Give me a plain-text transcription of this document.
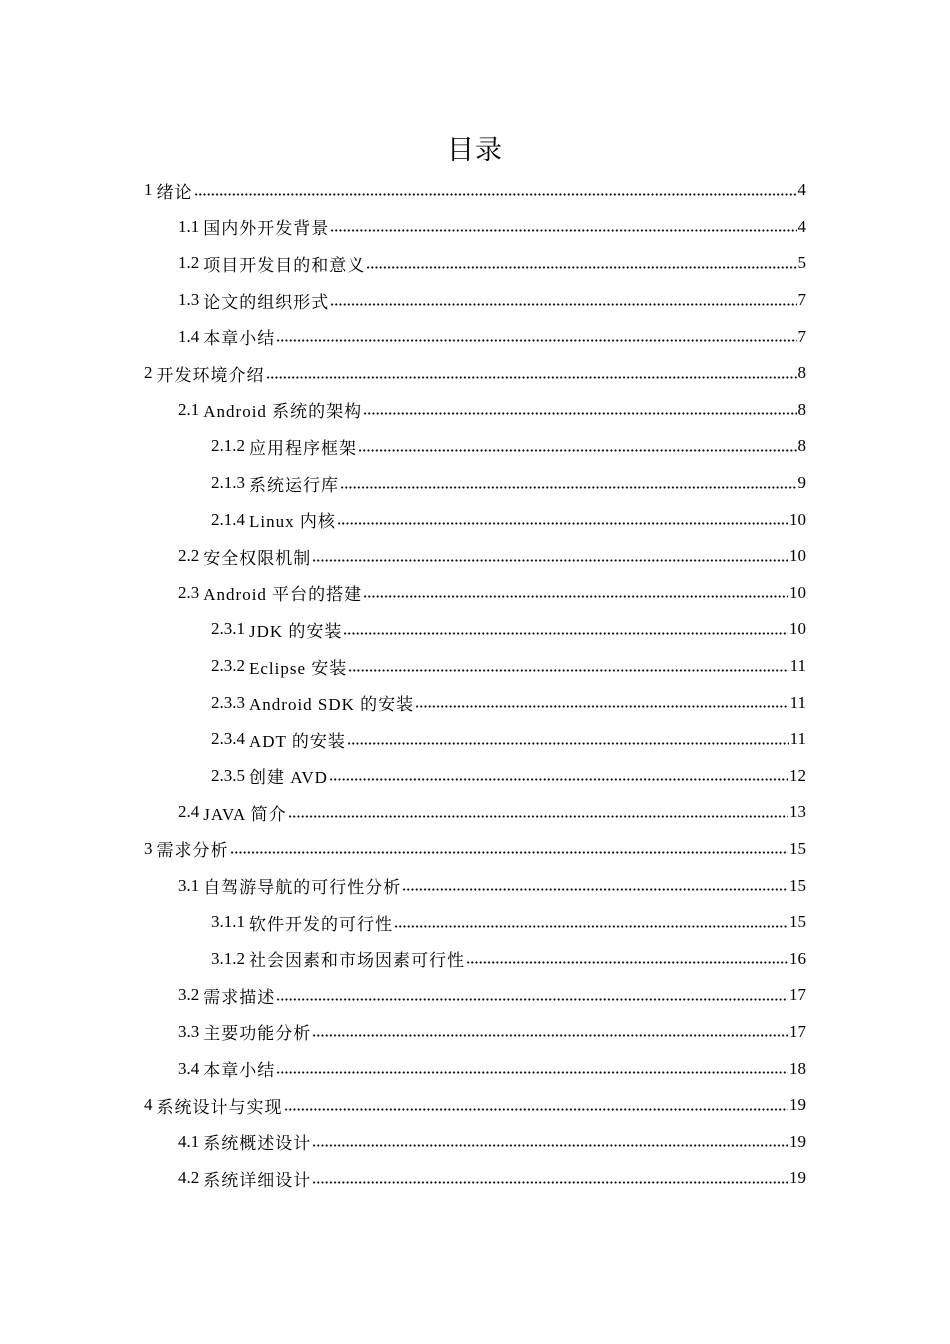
目录
1 绪论	4
1.1 国内外开发背景	4
1.2 项目开发目的和意义	5
1.3 论文的组织形式	7
1.4 本章小结	7
2 开发环境介绍	8
2.1 Android 系统的架构	8
2.1.2 应用程序框架	8
2.1.3 系统运行库	9
2.1.4 Linux 内核	10
2.2 安全权限机制	10
2.3 Android 平台的搭建	10
2.3.1 JDK 的安装	10
2.3.2 Eclipse 安装	11
2.3.3 Android SDK 的安装	11
2.3.4 ADT 的安装	11
2.3.5 创建 AVD	12
2.4 JAVA 简介	13
3 需求分析	15
3.1 自驾游导航的可行性分析	15
3.1.1 软件开发的可行性	15
3.1.2 社会因素和市场因素可行性	16
3.2 需求描述	17
3.3 主要功能分析	17
3.4 本章小结	18
4 系统设计与实现	19
4.1 系统概述设计	19
4.2 系统详细设计	19
